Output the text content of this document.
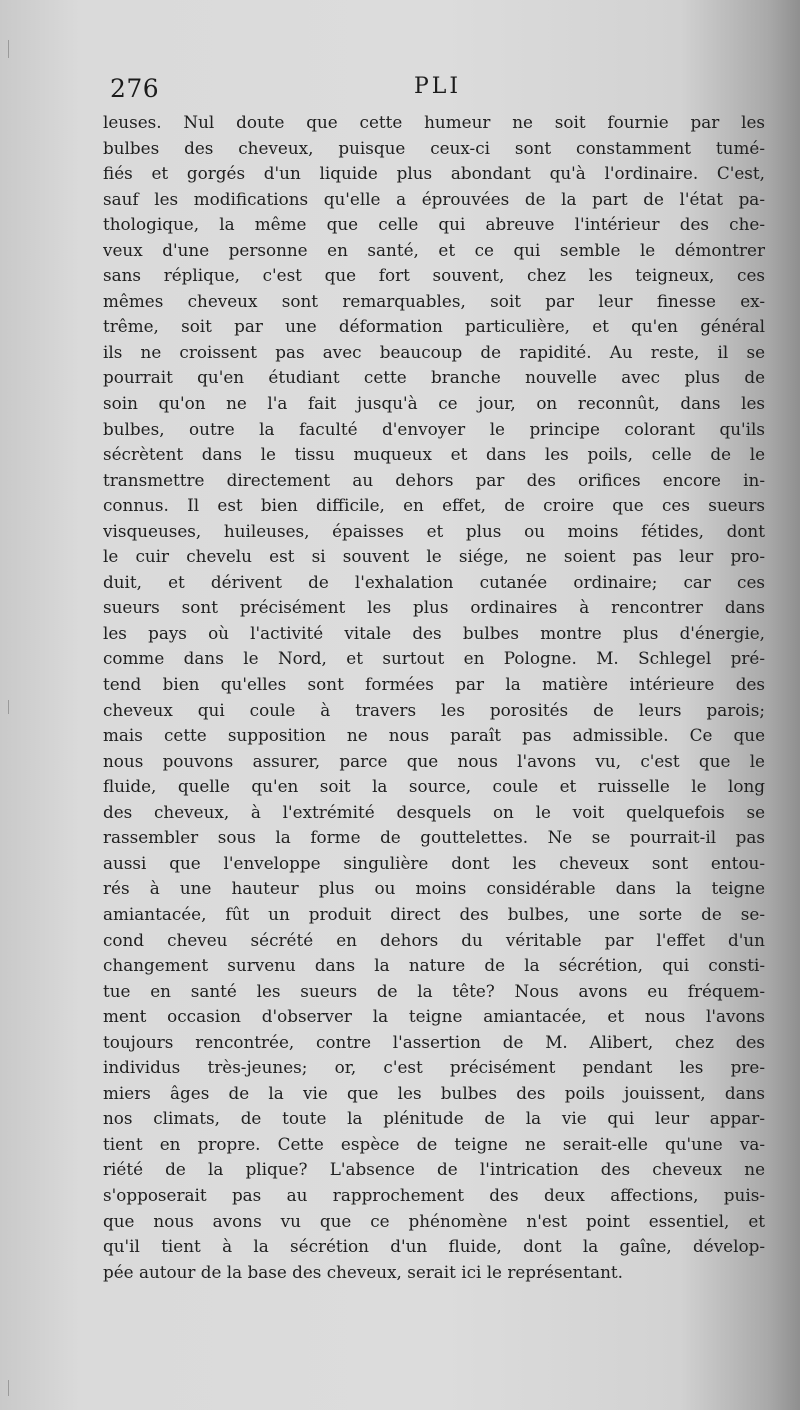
276	PLI
leuses. Nul doute que cette humeur ne soit fournie par les
bulbes des cheveux, puisque ceux-ci sont constamment tumé-
fiés et gorgés d'un liquide plus abondant qu'à l'ordinaire. C'est,
sauf les modifications qu'elle a éprouvées de la part de l'état pa-
thologique, la même que celle qui abreuve l'intérieur des che-
veux d'une personne en santé, et ce qui semble le démontrer
sans réplique, c'est que fort souvent, chez les teigneux, ces
mêmes cheveux sont remarquables, soit par leur finesse ex-
trême, soit par une déformation particulière, et qu'en général
ils ne croissent pas avec beaucoup de rapidité. Au reste, il se
pourrait qu'en étudiant cette branche nouvelle avec plus de
soin qu'on ne l'a fait jusqu'à ce jour, on reconnût, dans les
bulbes, outre la faculté d'envoyer le principe colorant qu'ils
sécrètent dans le tissu muqueux et dans les poils, celle de le
transmettre directement au dehors par des orifices encore in-
connus. Il est bien difficile, en effet, de croire que ces sueurs
visqueuses, huileuses, épaisses et plus ou moins fétides, dont
le cuir chevelu est si souvent le siége, ne soient pas leur pro-
duit, et dérivent de l'exhalation cutanée ordinaire; car ces
sueurs sont précisément les plus ordinaires à rencontrer dans
les pays où l'activité vitale des bulbes montre plus d'énergie,
comme dans le Nord, et surtout en Pologne. M. Schlegel pré-
tend bien qu'elles sont formées par la matière intérieure des
cheveux qui coule à travers les porosités de leurs parois;
mais cette supposition ne nous paraît pas admissible. Ce que
nous pouvons assurer, parce que nous l'avons vu, c'est que le
fluide, quelle qu'en soit la source, coule et ruisselle le long
des cheveux, à l'extrémité desquels on le voit quelquefois se
rassembler sous la forme de gouttelettes. Ne se pourrait-il pas
aussi que l'enveloppe singulière dont les cheveux sont entou-
rés à une hauteur plus ou moins considérable dans la teigne
amiantacée, fût un produit direct des bulbes, une sorte de se-
cond cheveu sécrété en dehors du véritable par l'effet d'un
changement survenu dans la nature de la sécrétion, qui consti-
tue en santé les sueurs de la tête? Nous avons eu fréquem-
ment occasion d'observer la teigne amiantacée, et nous l'avons
toujours rencontrée, contre l'assertion de M. Alibert, chez des
individus très-jeunes; or, c'est précisément pendant les pre-
miers âges de la vie que les bulbes des poils jouissent, dans
nos climats, de toute la plénitude de la vie qui leur appar-
tient en propre. Cette espèce de teigne ne serait-elle qu'une va-
riété de la plique? L'absence de l'intrication des cheveux ne
s'opposerait pas au rapprochement des deux affections, puis-
que nous avons vu que ce phénomène n'est point essentiel, et
qu'il tient à la sécrétion d'un fluide, dont la gaîne, dévelop-
pée autour de la base des cheveux, serait ici le représentant.
